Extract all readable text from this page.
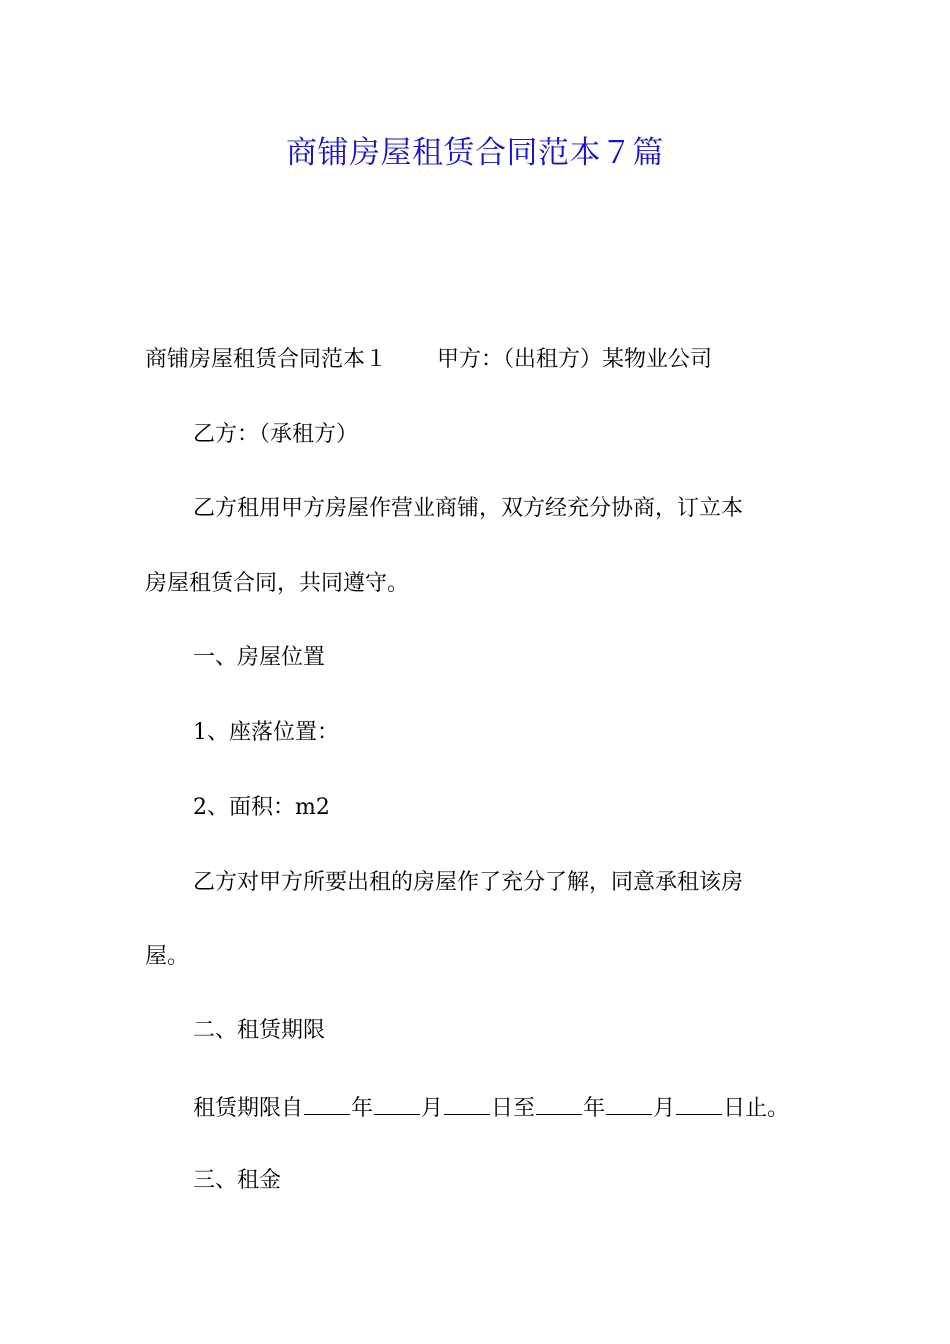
商铺房屋租赁合同范本７篇
商铺房屋租赁合同范本１ 甲方：（出租方）某物业公司
乙方：（承租方）
乙方租用甲方房屋作营业商铺，双方经充分协商，订立本
房屋租赁合同，共同遵守。
一、房屋位置
1、座落位置：
2、面积：m2
乙方对甲方所要出租的房屋作了充分了解，同意承租该房
屋。
二、租赁期限
租赁期限自 年 月 日至 年 月 日止。
三、租金
